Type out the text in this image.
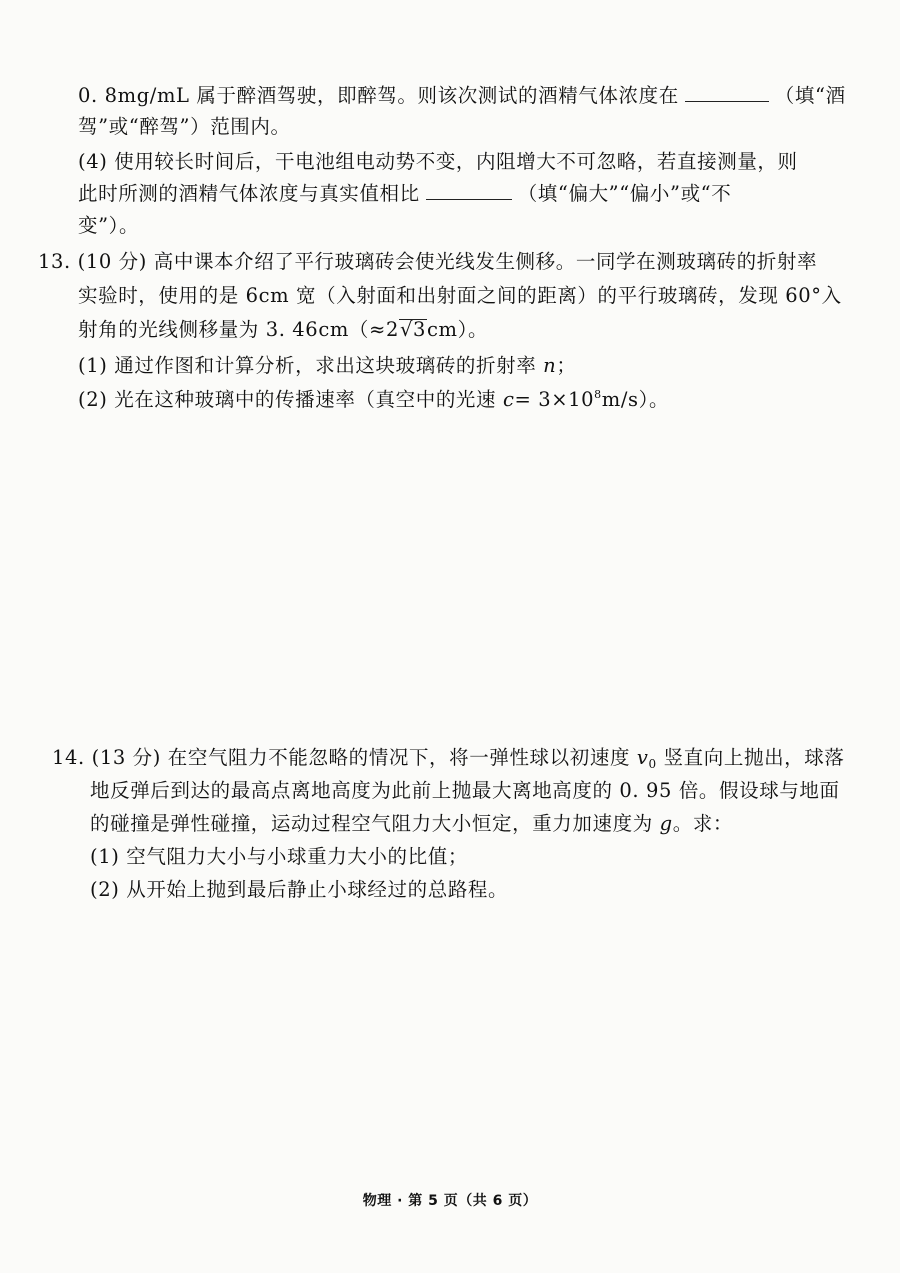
0. 8mg/mL 属于醉酒驾驶，即醉驾。则该次测试的酒精气体浓度在	（填“酒
驾”或“醉驾”）范围内。
(4) 使用较长时间后，干电池组电动势不变，内阻增大不可忽略，若直接测量，则
此时所测的酒精气体浓度与真实值相比	（填“偏大”“偏小”或“不
变”）。
13. (10 分) 高中课本介绍了平行玻璃砖会使光线发生侧移。一同学在测玻璃砖的折射率
实验时，使用的是 6cm 宽（入射面和出射面之间的距离）的平行玻璃砖，发现 60°入
射角的光线侧移量为 3. 46cm（≈2√3cm）。
(1) 通过作图和计算分析，求出这块玻璃砖的折射率 n；
(2) 光在这种玻璃中的传播速率（真空中的光速 $c= 3\times 10^8m/s$）。
14. (13 分) 在空气阻力不能忽略的情况下，将一弹性球以初速度 $v_0$ 竖直向上抛出，球落
地反弹后到达的最高点离地高度为此前上抛最大离地高度的 0. 95 倍。假设球与地面
的碰撞是弹性碰撞，运动过程空气阻力大小恒定，重力加速度为 g。求：
(1) 空气阻力大小与小球重力大小的比值；
(2) 从开始上抛到最后静止小球经过的总路程。
物理 · 第 5 页（共 6 页）
